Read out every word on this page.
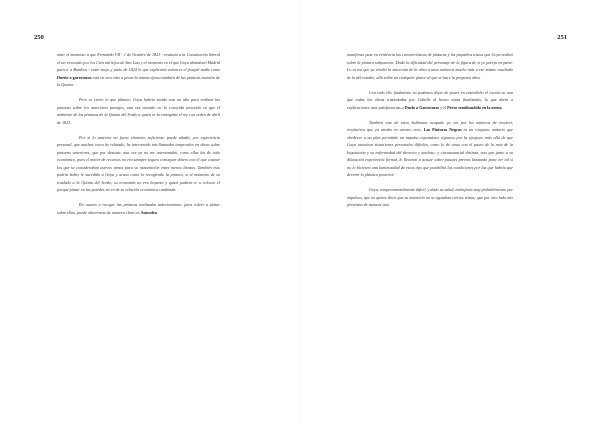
250

mitir el momento a que Fernando VII - 1 de Octubre de 1823 - restituía a la Constitución liberal el ser revocado por los Cien mil hijos de San Luis y el momento en el que Goya abandonó Madrid para ir a Burdeos - entre mayo y junio de 1824 lo que explicaría entonces el porqué nadie como Dueño a garrotazos está en otro sitio a pesar la misma época también de las pinturas murales de la Quinta.

Pero es cierto lo que planteo, Goya habría tenido casi un año para realizar las pinturas sobre los anteriores paisajes, una vez entrado en la conocida posesión en que el ambiente de las pinturas de la Quinta del Sordo a quien se la entregaba el rey con orden de abril de 1823.

Por si lo anterior no fuera elemento suficiente, puede añadir, por experiencia personal, que muchas veces he relatado, he intervenido mis llamadas temporales en obras sobre pinturas anteriores, que por desistar, una vez ya no me intervenidas, como ellas las de todo económico, pues el mover de recursos no era siempre seguro conseguir dinero con el que costear los que se consideraban nuevos temas para su numeración entre menos lienzos. También esto podría haber le sucedido a Goya y acaso como lo recogiendo la pintura, si el momento de su traslado a la Quinta del Sordo, su economía no era boyante y quizá pudiera ir a colocar el porqué pintar en las paredes no en de su relación económica cambiada.

En cuanto a recoger las pinturas realizadas anteriormente, para volver a pintar sobre ellas, puede observarse de manera clara en Asmodea

251

manifiesto puse en evidencia las características de pinturas y los pequeños trazos que Goya realizó sobre la pintura subyacente. Dado la dificultad del personaje de la figura de si yo pareja en parte. Lo es así que ya vendió la sincronía de la obra a unos números mucho más a ese mismo resultado de la del estudio, allá sobre un cualquier pintor al que se hace la pregunta obra.

Con todo ello finalmente no podemos dejar de poner en entredicho el escrito ni una que todas las obras trasladadas por Cubells al lienzo están finalizadas, lo que daría a explicaciones más satisfactorias a Duelo a Garrotazos y el Perro semihundido en la arena.

También este de estos habíamos ocupado ya vez por los números de resolver, resolutivos que ya estaba en vuestro acto, Las Pinturas Negras es un conjunto unitario que obedecer a un plan permitido un impulso espontáneo riguroso por la epopeya, más allá de que Goya atraviesa situaciones personales difíciles, como lo de otras con el paseo de la ruta de la Inquisición y su enfermedad del divorcio y anuloso; y circunstancial distinta, tras que junto a su dilatación experiencia formal, le llevaron a actuar sobre pasajes previos lanzando para ver tal si no lo hiciesen una luminosidad de estos tipo que posibilitó los condiciones por las que habría que devenir la plástica posterior.

Goya, temperamentalmente difícil, y dado su salud, trabajaría muy probablemente por impulsos, que no quiere decir que su intención no se agotaban ciertos temas; que por otro lado mis presentos de manera casi
